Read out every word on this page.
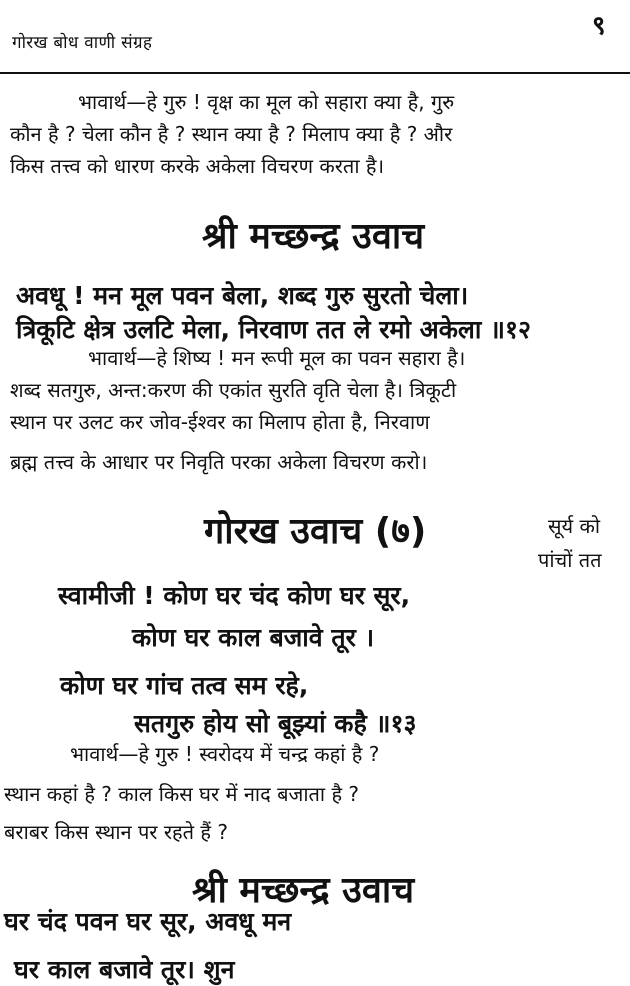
गोरख बोध वाणी संग्रह
९
भावार्थ—हे गुरु ! वृक्ष का मूल को सहारा क्या है, गुरु
कौन है ? चेला कौन है ? स्थान क्या है ? मिलाप क्या है ? और
किस तत्त्व को धारण करके अकेला विचरण करता है।
श्री मच्छन्द्र उवाच
अवधू ! मन मूल पवन बेला, शब्द गुरु सुरतो चेला।
त्रिकूटि क्षेत्र उलटि मेला, निरवाण तत ले रमो अकेला ॥१२
भावार्थ—हे शिष्य ! मन रूपी मूल का पवन सहारा है।
शब्द सतगुरु, अन्त:करण की एकांत सुरति वृति चेला है। त्रिकूटी
स्थान पर उलट कर जोव-ईश्वर का मिलाप होता है, निरवाण
ब्रह्म तत्त्व के आधार पर निवृति परका अकेला विचरण करो।
गोरख उवाच (७)	सूर्य को
पांचों तत
स्वामीजी ! कोण घर चंद कोण घर सूर,
कोण घर काल बजावे तूर ।
कोण घर गांच तत्व सम रहे,
सतगुरु होय सो बूझ्यां कहै ॥१३
भावार्थ—हे गुरु ! स्वरोदय में चन्द्र कहां है ?
स्थान कहां है ? काल किस घर में नाद बजाता है ?
बराबर किस स्थान पर रहते हैं ?
श्री मच्छन्द्र उवाच
घर चंद पवन घर सूर, अवधू मन
घर काल बजावे तूर। शुन
